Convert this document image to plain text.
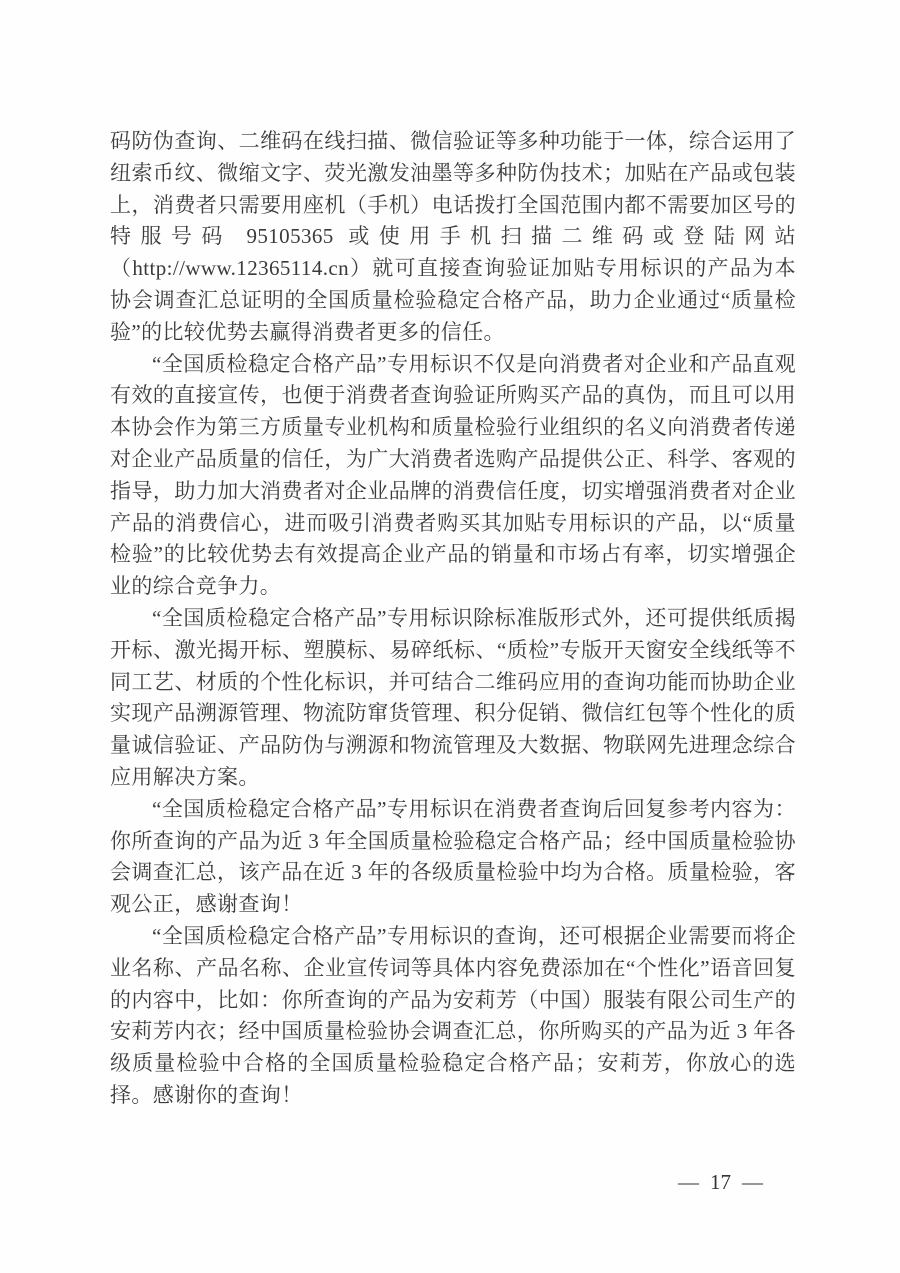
码防伪查询、二维码在线扫描、微信验证等多种功能于一体，综合运用了纽索币纹、微缩文字、荧光激发油墨等多种防伪技术；加贴在产品或包装上，消费者只需要用座机（手机）电话拨打全国范围内都不需要加区号的特服号码 95105365 或使用手机扫描二维码或登陆网站（http://www.12365114.cn）就可直接查询验证加贴专用标识的产品为本协会调查汇总证明的全国质量检验稳定合格产品，助力企业通过“质量检验”的比较优势去赢得消费者更多的信任。

“全国质检稳定合格产品”专用标识不仅是向消费者对企业和产品直观有效的直接宣传，也便于消费者查询验证所购买产品的真伪，而且可以用本协会作为第三方质量专业机构和质量检验行业组织的名义向消费者传递对企业产品质量的信任，为广大消费者选购产品提供公正、科学、客观的指导，助力加大消费者对企业品牌的消费信任度，切实增强消费者对企业产品的消费信心，进而吸引消费者购买其加贴专用标识的产品，以“质量检验”的比较优势去有效提高企业产品的销量和市场占有率，切实增强企业的综合竞争力。

“全国质检稳定合格产品”专用标识除标准版形式外，还可提供纸质揭开标、激光揭开标、塑膜标、易碎纸标、“质检”专版开天窗安全线纸等不同工艺、材质的个性化标识，并可结合二维码应用的查询功能而协助企业实现产品溯源管理、物流防窜货管理、积分促销、微信红包等个性化的质量诚信验证、产品防伪与溯源和物流管理及大数据、物联网先进理念综合应用解决方案。

“全国质检稳定合格产品”专用标识在消费者查询后回复参考内容为：你所查询的产品为近 3 年全国质量检验稳定合格产品；经中国质量检验协会调查汇总，该产品在近 3 年的各级质量检验中均为合格。质量检验，客观公正，感谢查询！

“全国质检稳定合格产品”专用标识的查询，还可根据企业需要而将企业名称、产品名称、企业宣传词等具体内容免费添加在“个性化”语音回复的内容中，比如：你所查询的产品为安莉芳（中国）服装有限公司生产的安莉芳内衣；经中国质量检验协会调查汇总，你所购买的产品为近 3 年各级质量检验中合格的全国质量检验稳定合格产品；安莉芳，你放心的选择。感谢你的查询！

— 17 —
